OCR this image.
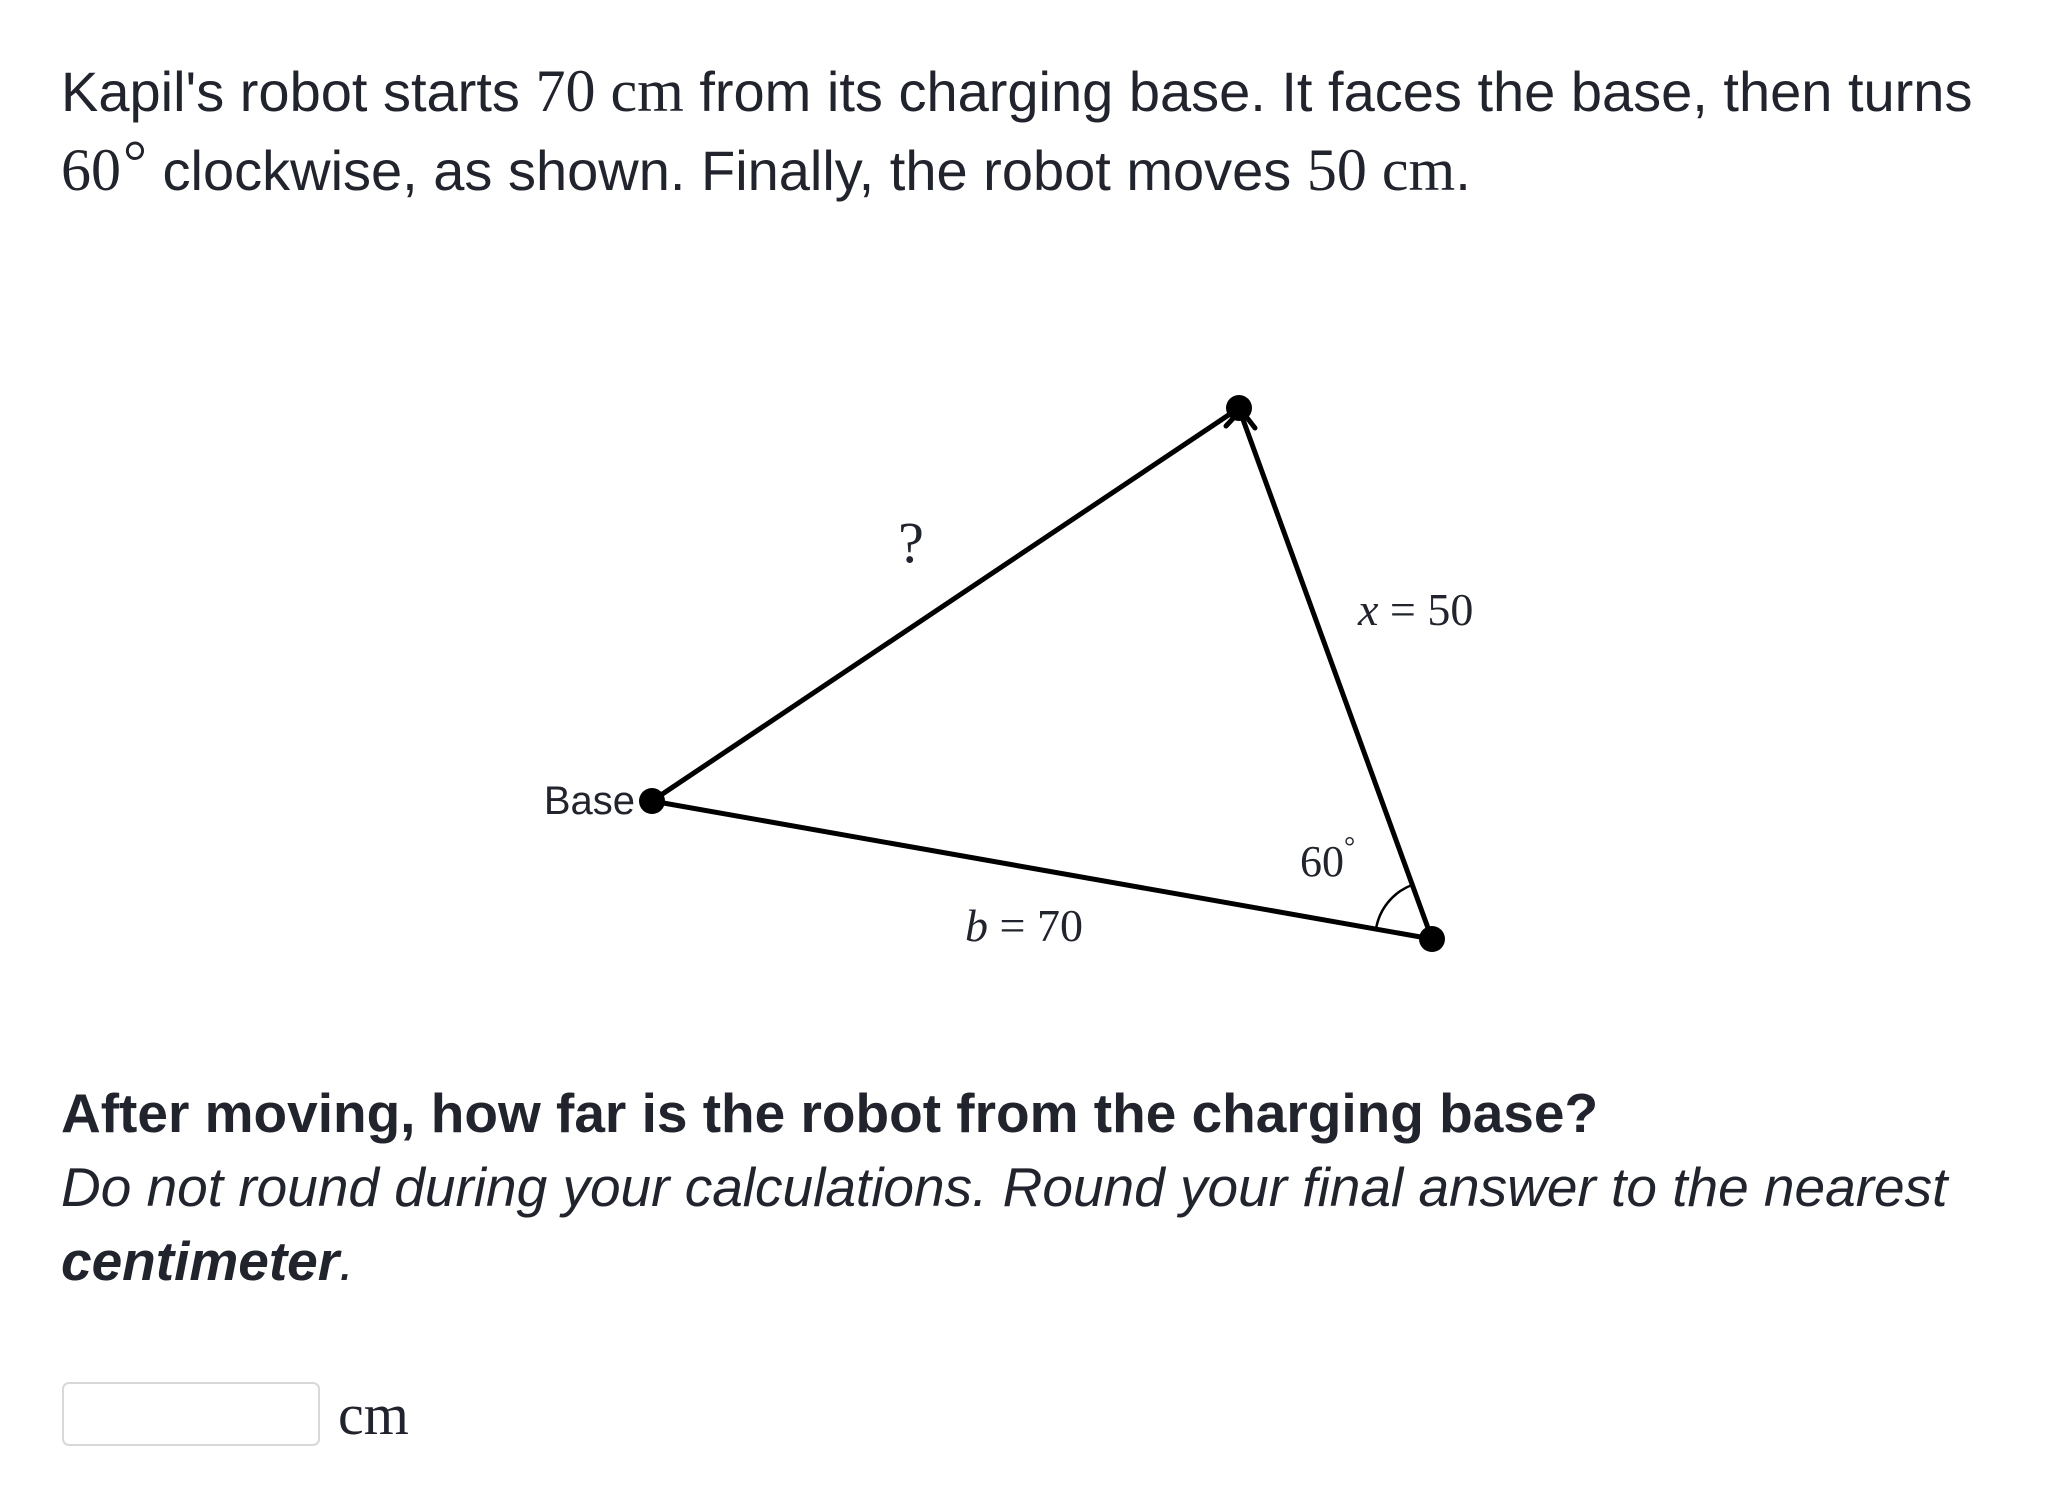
Kapil's robot starts 70 cm from its charging base. It faces the base, then turns 60° clockwise, as shown. Finally, the robot moves 50 cm.

Base
?
x = 50
b = 70
60°
After moving, how far is the robot from the charging base?
Do not round during your calculations. Round your final answer to the nearest centimeter.
cm
